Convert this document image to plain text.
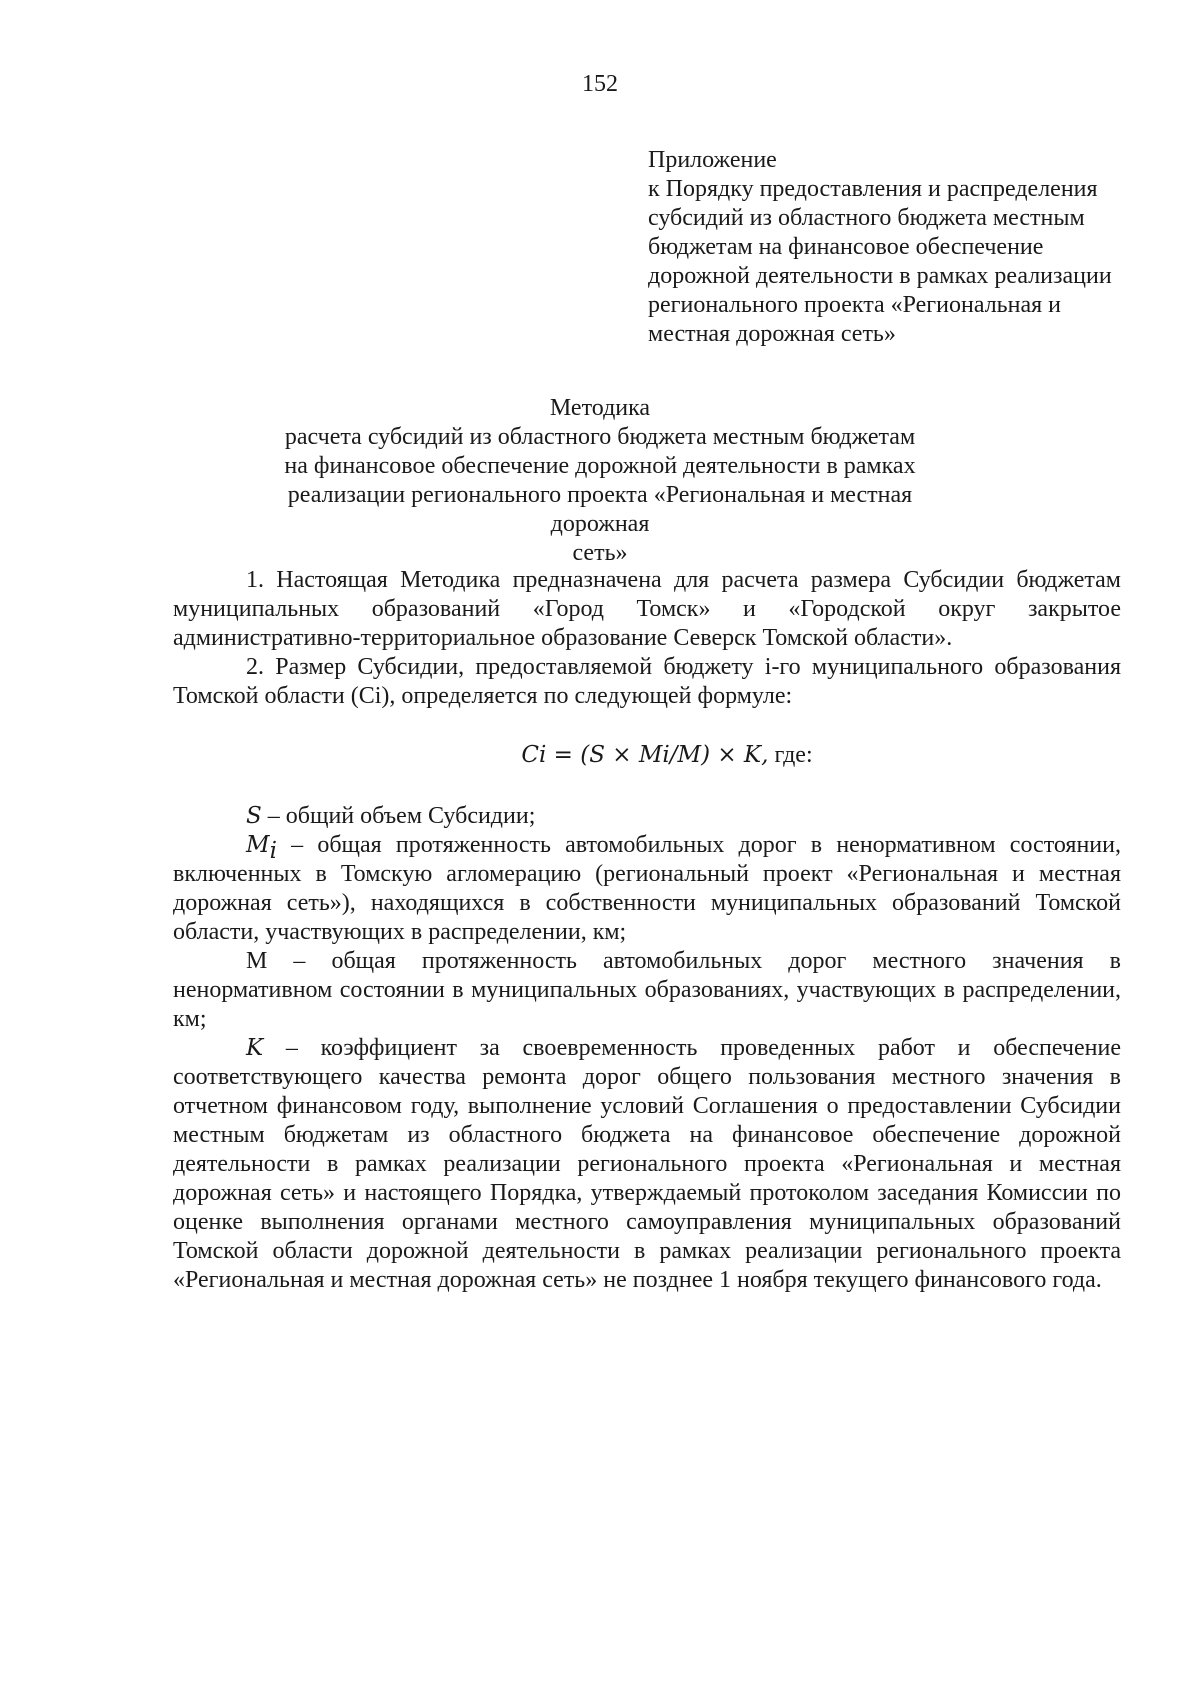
152
Приложение
к Порядку предоставления и распределения
субсидий из областного бюджета местным
бюджетам на финансовое обеспечение
дорожной деятельности в рамках реализации
регионального проекта «Региональная и
местная дорожная сеть»
Методика
расчета субсидий из областного бюджета местным бюджетам
на финансовое обеспечение дорожной деятельности в рамках
реализации регионального проекта «Региональная и местная дорожная
сеть»

1. Настоящая Методика предназначена для расчета размера Субсидии бюджетам муниципальных образований «Город Томск» и «Городской округ закрытое административно-территориальное образование Северск Томской области».

2. Размер Субсидии, предоставляемой бюджету i-го муниципального образования Томской области (Ci), определяется по следующей формуле:

Ci = (S × Mi/M) × K, где:

S – общий объем Субсидии;

$M_i$ – общая протяженность автомобильных дорог в ненормативном состоянии, включенных в Томскую агломерацию (региональный проект «Региональная и местная дорожная сеть»), находящихся в собственности муниципальных образований Томской области, участвующих в распределении, км;

М – общая протяженность автомобильных дорог местного значения в ненормативном состоянии в муниципальных образованиях, участвующих в распределении, км;

K – коэффициент за своевременность проведенных работ и обеспечение соответствующего качества ремонта дорог общего пользования местного значения в отчетном финансовом году, выполнение условий Соглашения о предоставлении Субсидии местным бюджетам из областного бюджета на финансовое обеспечение дорожной деятельности в рамках реализации регионального проекта «Региональная и местная дорожная сеть» и настоящего Порядка, утверждаемый протоколом заседания Комиссии по оценке выполнения органами местного самоуправления муниципальных образований Томской области дорожной деятельности в рамках реализации регионального проекта «Региональная и местная дорожная сеть» не позднее 1 ноября текущего финансового года.
